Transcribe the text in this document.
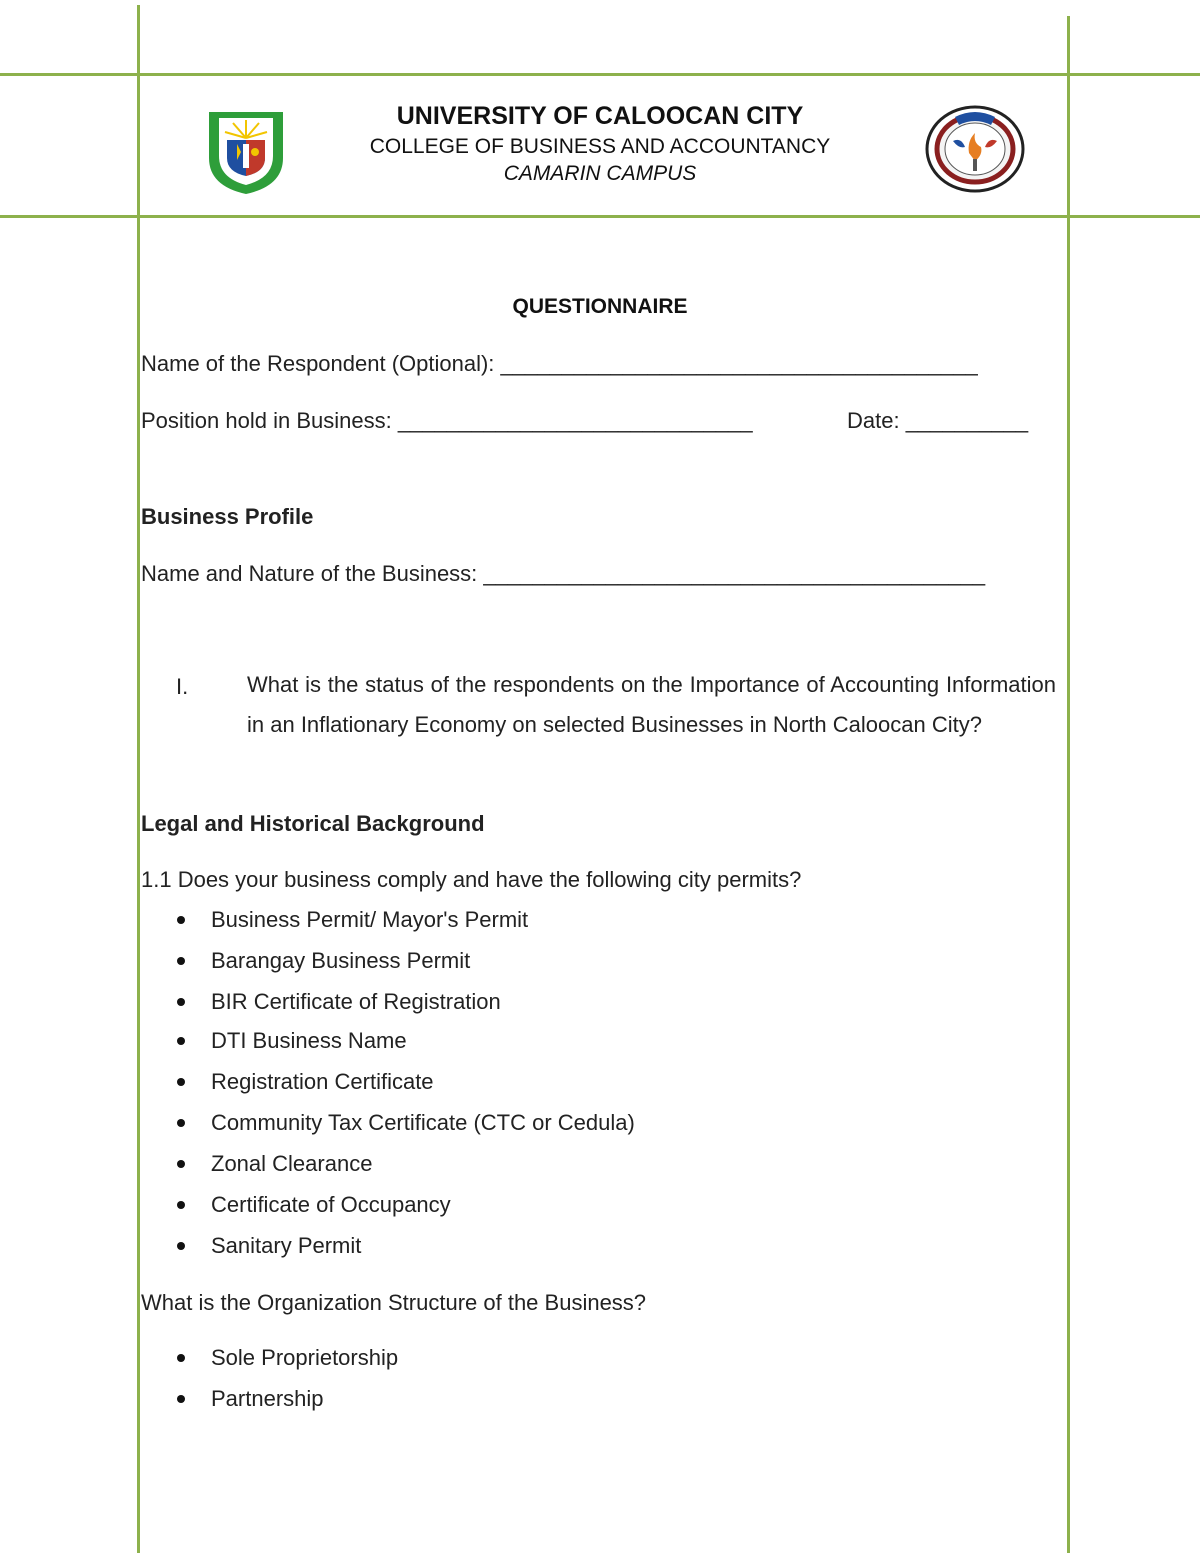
UNIVERSITY OF CALOOCAN CITY
COLLEGE OF BUSINESS AND ACCOUNTANCY
CAMARIN CAMPUS
QUESTIONNAIRE
Name of the Respondent (Optional): _______________________________________
Position hold in Business: _____________________________	Date: __________
Business Profile
Name and Nature of the Business: _________________________________________
I.	What is the status of the respondents on the Importance of Accounting Information in an Inflationary Economy on selected Businesses in North Caloocan City?
Legal and Historical Background
1.1 Does your business comply and have the following city permits?
Business Permit/ Mayor's Permit
Barangay Business Permit
BIR Certificate of Registration
DTI Business Name
Registration Certificate
Community Tax Certificate (CTC or Cedula)
Zonal Clearance
Certificate of Occupancy
Sanitary Permit
What is the Organization Structure of the Business?
Sole Proprietorship
Partnership
